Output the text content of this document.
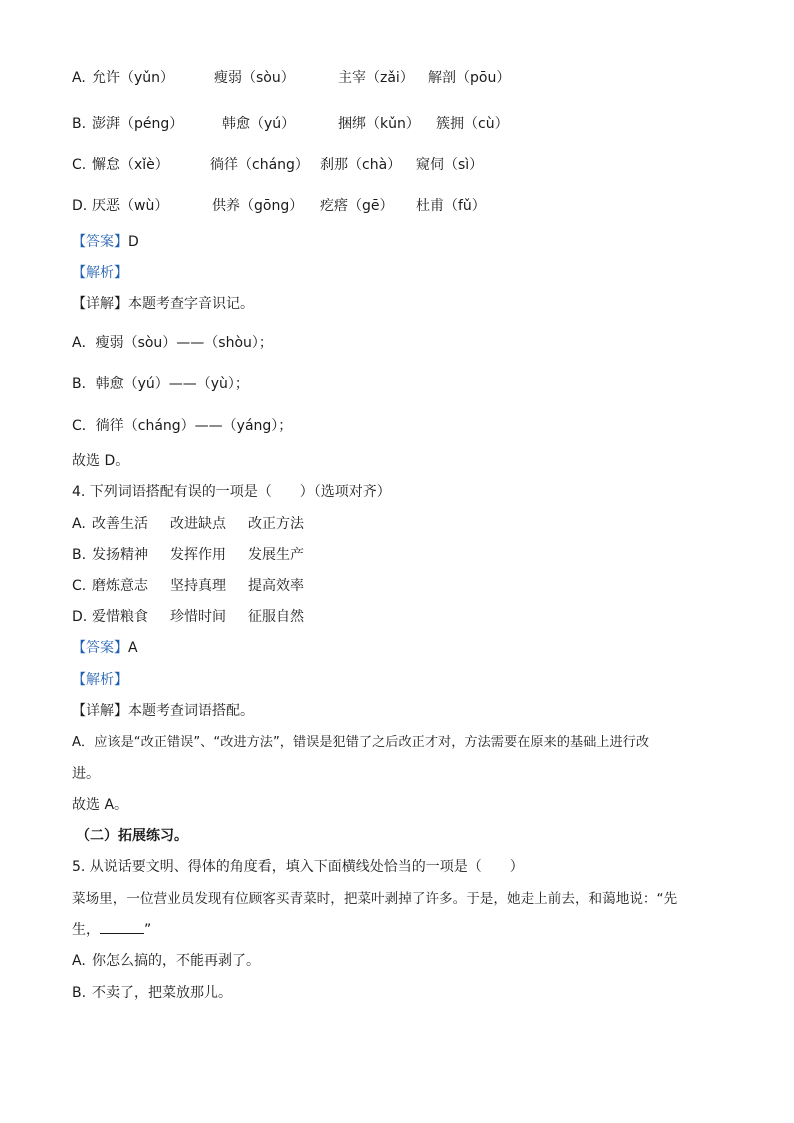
A. 允许（yǔn）	瘦弱（sòu）	主宰（zǎi） 解剖（pōu）
B. 澎湃（péng）	韩愈（yú）	捆绑（kǔn） 簇拥（cù）
C. 懈怠（xǐè）	徜徉（cháng） 刹那（chà） 窥伺（sì）
D. 厌恶（wù）	供养（gōng） 疙瘩（gē） 杜甫（fǔ）
【答案】D
【解析】
【详解】本题考查字音识记。
A．瘦弱（sòu）——（shòu）；
B．韩愈（yú）——（yù）；
C．徜徉（cháng）——（yáng）；
故选 D。
4. 下列词语搭配有误的一项是（　　）（选项对齐）
A. 改善生活 改进缺点 改正方法
B. 发扬精神 发挥作用 发展生产
C. 磨炼意志 坚持真理 提高效率
D. 爱惜粮食 珍惜时间 征服自然
【答案】A
【解析】
【详解】本题考查词语搭配。
A．应该是“改正错误”、“改进方法”，错误是犯错了之后改正才对，方法需要在原来的基础上进行改
进。
故选 A。
（二）拓展练习。
5. 从说话要文明、得体的角度看，填入下面横线处恰当的一项是（　　）
菜场里，一位营业员发现有位顾客买青菜时，把菜叶剥掉了许多。于是，她走上前去，和蔼地说：“先
生，	”
A. 你怎么搞的，不能再剥了。
B. 不卖了，把菜放那儿。
